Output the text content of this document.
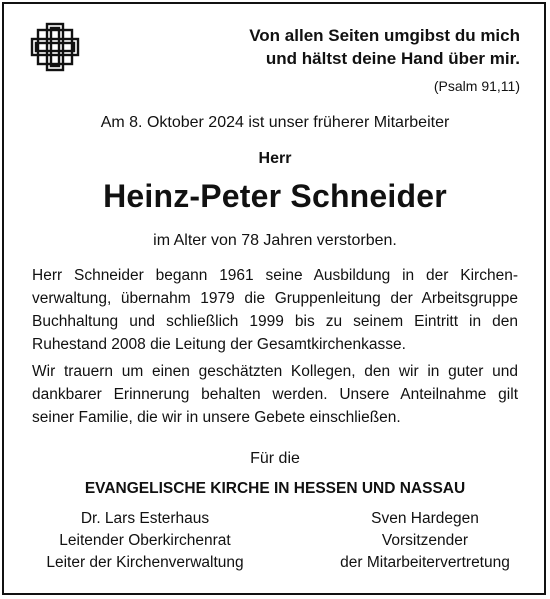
Von allen Seiten umgibst du mich
und hältst deine Hand über mir.
(Psalm 91,11)
Am 8. Oktober 2024 ist unser früherer Mitarbeiter
Herr
Heinz-Peter Schneider
im Alter von 78 Jahren verstorben.
Herr Schneider begann 1961 seine Ausbildung in der Kirchenverwaltung, übernahm 1979 die Gruppenleitung der Arbeitsgruppe Buchhaltung und schließlich 1999 bis zu seinem Eintritt in den Ruhestand 2008 die Leitung der Gesamtkirchenkasse.
Wir trauern um einen geschätzten Kollegen, den wir in guter und dankbarer Erinnerung behalten werden. Unsere Anteilnahme gilt seiner Familie, die wir in unsere Gebete einschließen.
Für die
EVANGELISCHE KIRCHE IN HESSEN UND NASSAU
Dr. Lars Esterhaus
Leitender Oberkirchenrat
Leiter der Kirchenverwaltung
Sven Hardegen
Vorsitzender
der Mitarbeitervertretung
